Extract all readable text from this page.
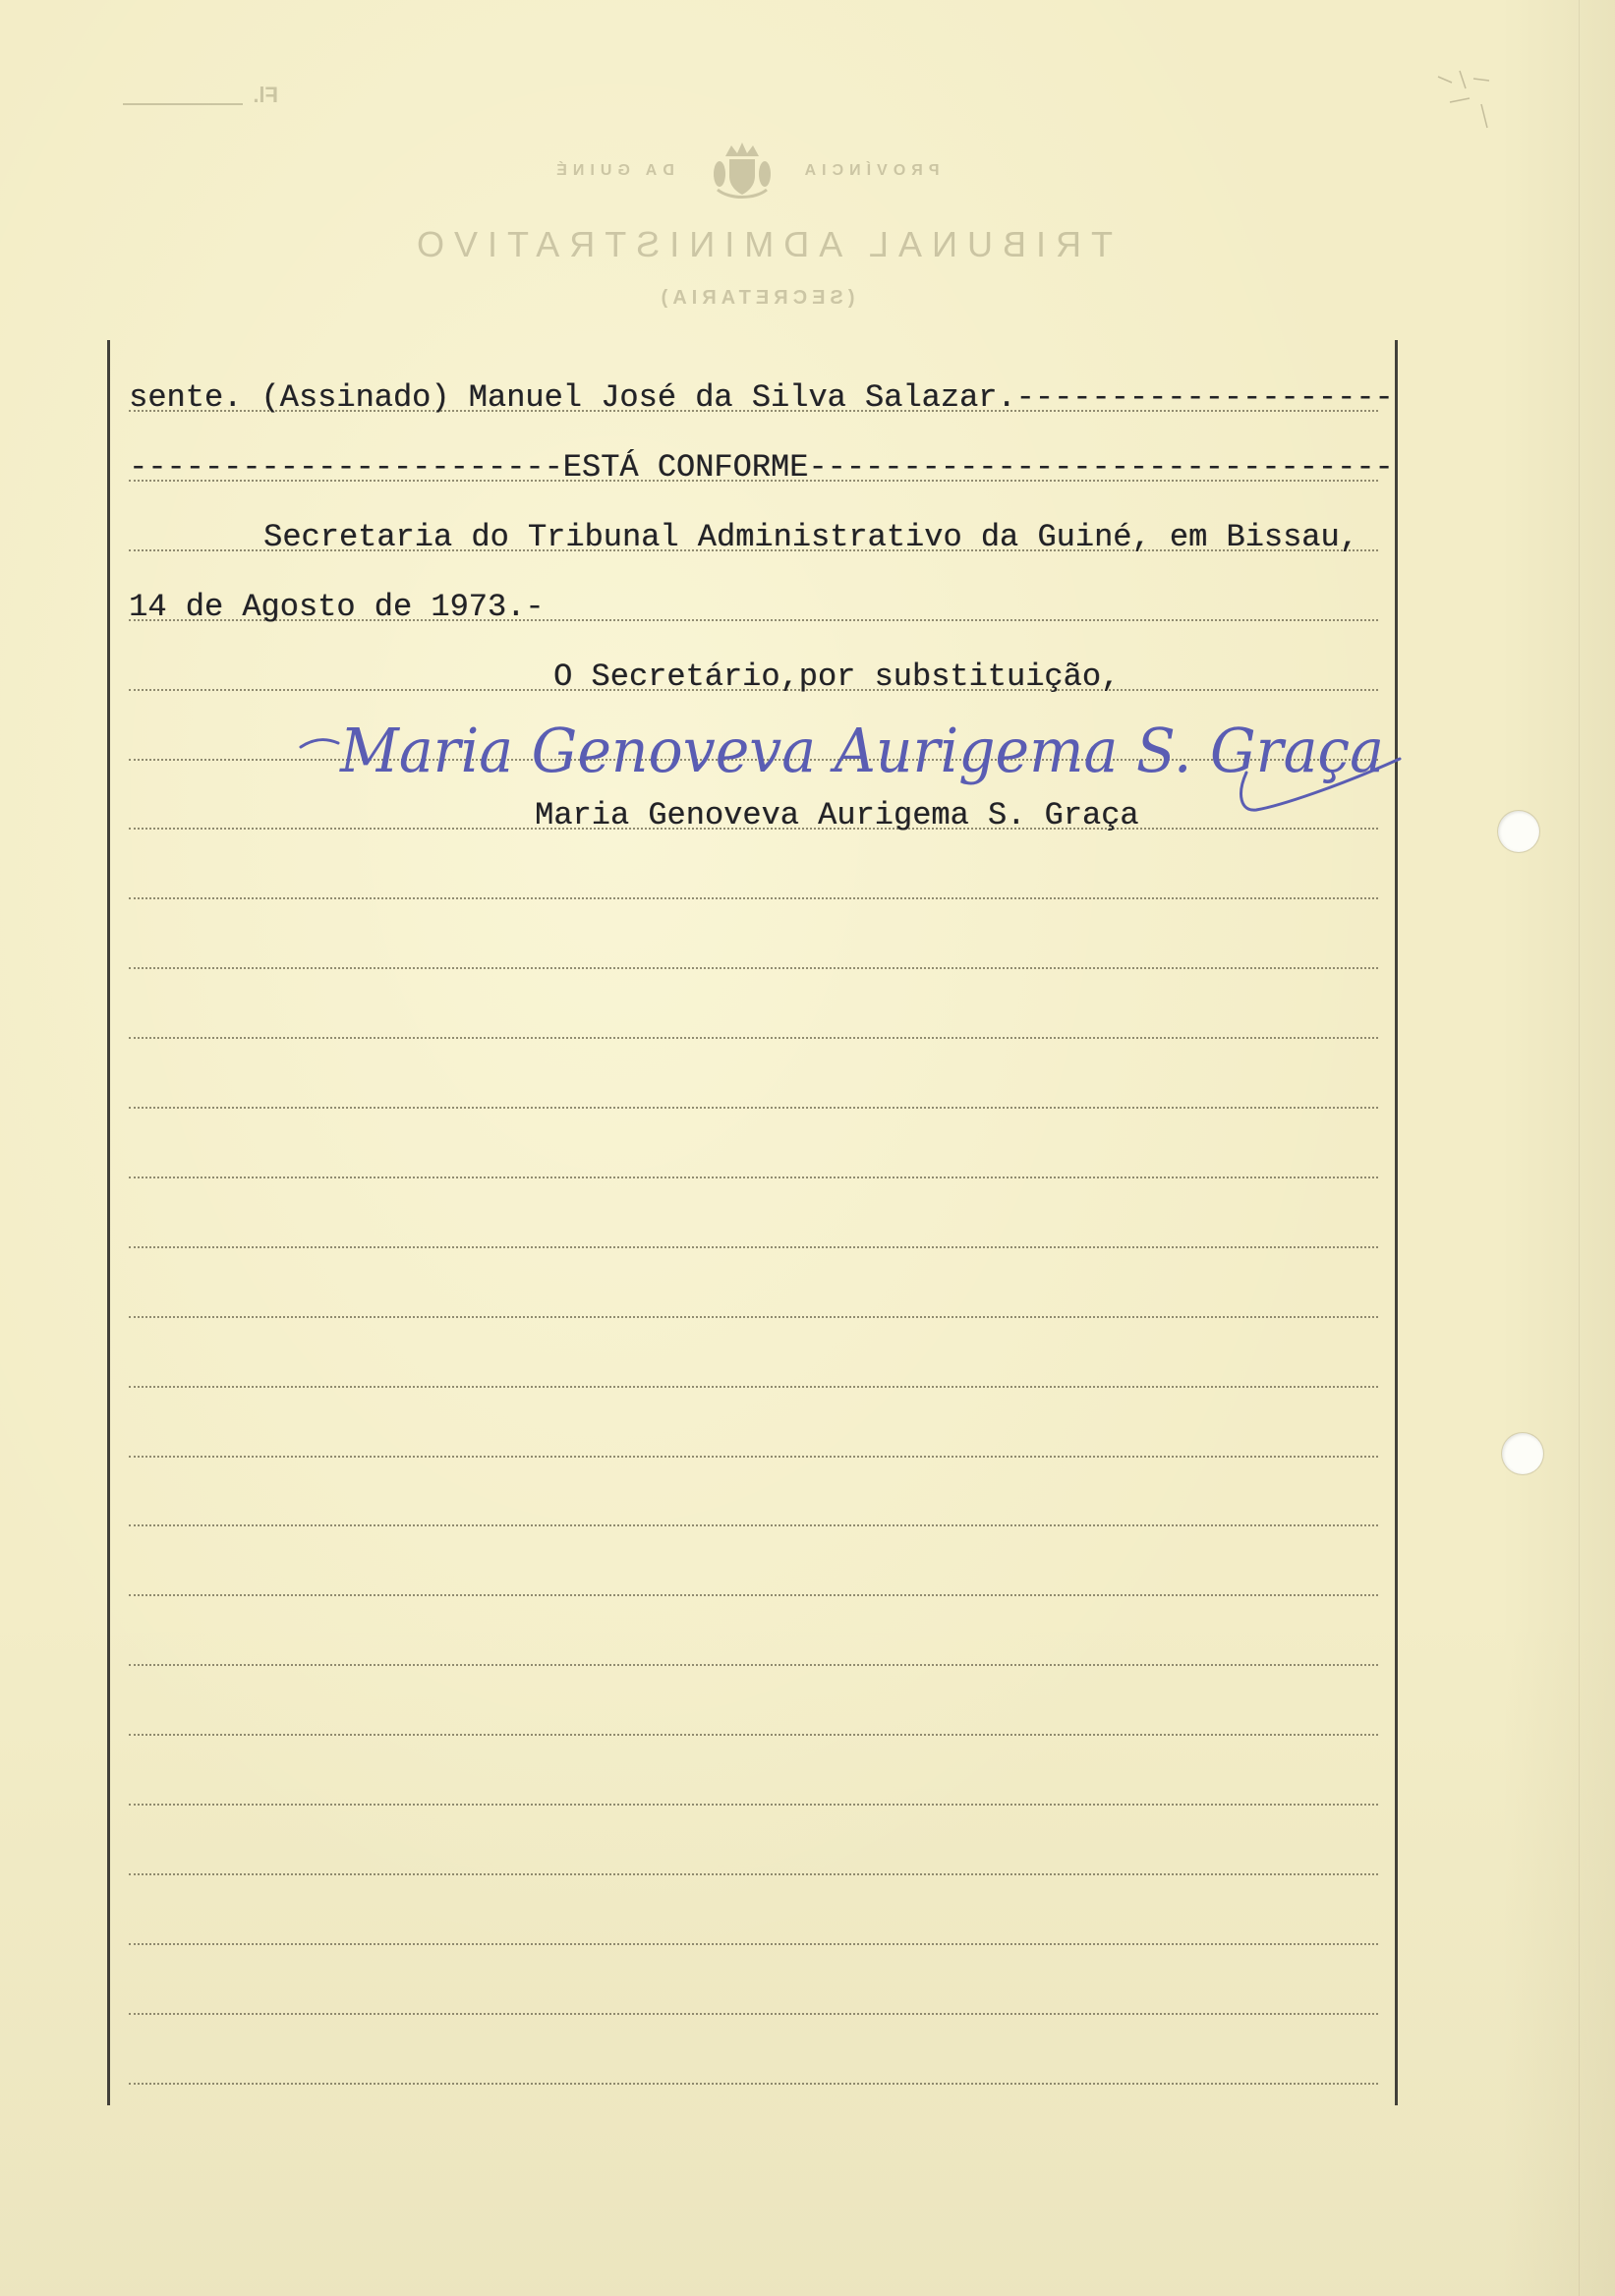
Fl.
PROVÍNCIA
DA GUINÉ
TRIBUNAL ADMINISTRATIVO
(SECRETARIA)
sente. (Assinado) Manuel José da Silva Salazar.--------------------
-----------------------ESTÁ CONFORME-------------------------------
Secretaria do Tribunal Administrativo da Guiné, em Bissau,
14 de Agosto de 1973.-
O Secretário,por substituição,
Maria Genoveva Aurigema S. Graça
Maria Genoveva Aurigema S. Graça
